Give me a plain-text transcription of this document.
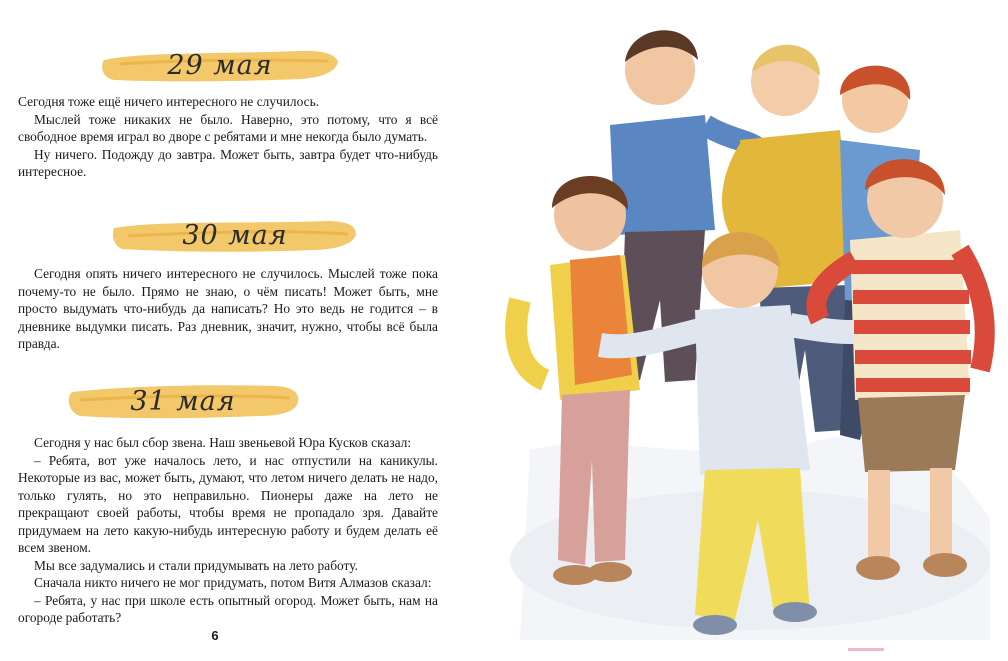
29 мая

Сегодня тоже ещё ничего интересного не случилось.

Мыслей тоже никаких не было. Наверно, это потому, что я всё свободное время играл во дворе с ребятами и мне некогда было думать.

Ну ничего. Подожду до завтра. Может быть, завтра будет что-нибудь интересное.

30 мая

Сегодня опять ничего интересного не случилось. Мыслей тоже пока почему-то не было. Прямо не знаю, о чём писать! Может быть, мне просто выдумать что-нибудь да написать? Но это ведь не годится – в дневнике выдумки писать. Раз дневник, значит, нужно, чтобы всё была правда.

31 мая

Сегодня у нас был сбор звена. Наш звеньевой Юра Кусков сказал:

– Ребята, вот уже началось лето, и нас отпустили на каникулы. Некоторые из вас, может быть, думают, что летом ничего делать не надо, только гулять, но это неправильно. Пионеры даже на лето не прекращают своей работы, чтобы время не пропадало зря. Давайте придумаем на лето какую-нибудь интересную работу и будем делать её всем звеном.

Мы все задумались и стали придумывать на лето работу.

Сначала никто ничего не мог придумать, потом Витя Алмазов сказал:

– Ребята, у нас при школе есть опытный огород. Может быть, нам на огороде работать?

6
